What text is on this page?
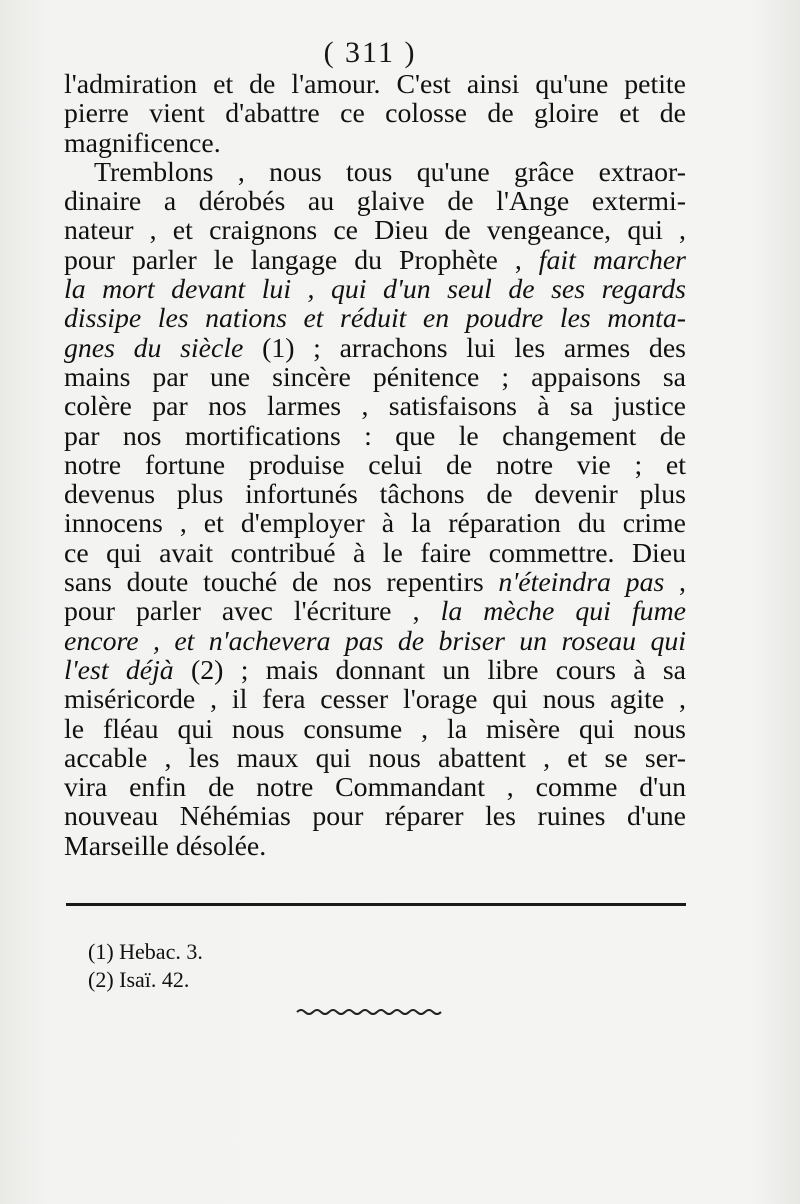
( 311 )
l'admiration et de l'amour. C'est ainsi qu'une petite
pierre vient d'abattre ce colosse de gloire et de
magnificence.
Tremblons , nous tous qu'une grâce extraor-
dinaire a dérobés au glaive de l'Ange extermi-
nateur , et craignons ce Dieu de vengeance, qui ,
pour parler le langage du Prophète , fait marcher
la mort devant lui , qui d'un seul de ses regards
dissipe les nations et réduit en poudre les monta-
gnes du siècle (1) ; arrachons lui les armes des
mains par une sincère pénitence ; appaisons sa
colère par nos larmes , satisfaisons à sa justice
par nos mortifications : que le changement de
notre fortune produise celui de notre vie ; et
devenus plus infortunés tâchons de devenir plus
innocens , et d'employer à la réparation du crime
ce qui avait contribué à le faire commettre. Dieu
sans doute touché de nos repentirs n'éteindra pas ,
pour parler avec l'écriture , la mèche qui fume
encore , et n'achevera pas de briser un roseau qui
l'est déjà (2) ; mais donnant un libre cours à sa
miséricorde , il fera cesser l'orage qui nous agite ,
le fléau qui nous consume , la misère qui nous
accable , les maux qui nous abattent , et se ser-
vira enfin de notre Commandant , comme d'un
nouveau Néhémias pour réparer les ruines d'une
Marseille désolée.
(1) Hebac. 3.
(2) Isaï. 42.
